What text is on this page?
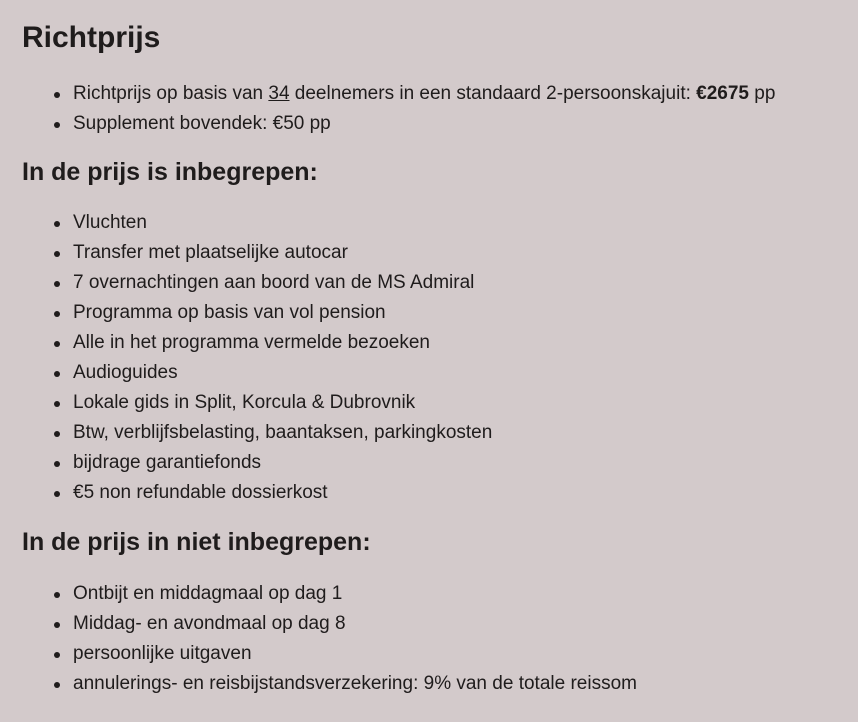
Richtprijs
Richtprijs op basis van 34 deelnemers in een standaard 2-persoonskajuit: €2675 pp
Supplement bovendek: €50 pp
In de prijs is inbegrepen:
Vluchten
Transfer met plaatselijke autocar
7 overnachtingen aan boord van de MS Admiral
Programma op basis van vol pension
Alle in het programma vermelde bezoeken
Audioguides
Lokale gids in Split, Korcula & Dubrovnik
Btw, verblijfsbelasting, baantaksen, parkingkosten
bijdrage garantiefonds
€5 non refundable dossierkost
In de prijs in niet inbegrepen:
Ontbijt en middagmaal op dag 1
Middag- en avondmaal op dag 8
persoonlijke uitgaven
annulerings- en reisbijstandsverzekering: 9% van de totale reissom
